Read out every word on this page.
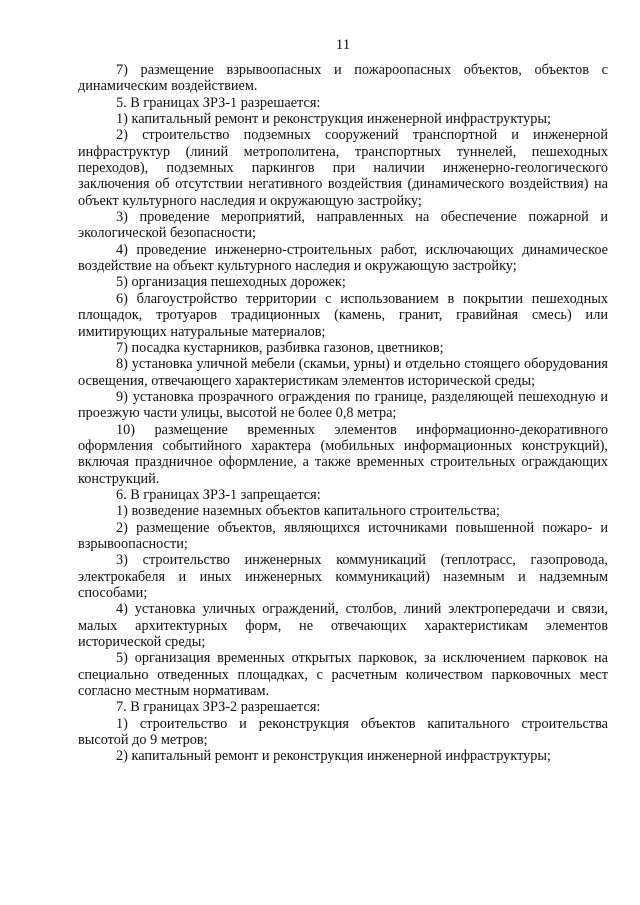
11

7) размещение взрывоопасных и пожароопасных объектов, объектов с динамическим воздействием.

5. В границах ЗРЗ-1 разрешается:

1) капитальный ремонт и реконструкция инженерной инфраструктуры;

2) строительство подземных сооружений транспортной и инженерной инфраструктур (линий метрополитена, транспортных туннелей, пешеходных переходов), подземных паркингов при наличии инженерно-геологического заключения об отсутствии негативного воздействия (динамического воздействия) на объект культурного наследия и окружающую застройку;

3) проведение мероприятий, направленных на обеспечение пожарной и экологической безопасности;

4) проведение инженерно-строительных работ, исключающих динамическое воздействие на объект культурного наследия и окружающую застройку;

5) организация пешеходных дорожек;

6) благоустройство территории с использованием в покрытии пешеходных площадок, тротуаров традиционных (камень, гранит, гравийная смесь) или имитирующих натуральные материалов;

7) посадка кустарников, разбивка газонов, цветников;

8) установка уличной мебели (скамьи, урны) и отдельно стоящего оборудования освещения, отвечающего характеристикам элементов исторической среды;

9) установка прозрачного ограждения по границе, разделяющей пешеходную и проезжую части улицы, высотой не более 0,8 метра;

10) размещение временных элементов информационно-декоративного оформления событийного характера (мобильных информационных конструкций), включая праздничное оформление, а также временных строительных ограждающих конструкций.

6. В границах ЗРЗ-1 запрещается:

1) возведение наземных объектов капитального строительства;

2) размещение объектов, являющихся источниками повышенной пожаро- и взрывоопасности;

3) строительство инженерных коммуникаций (теплотрасс, газопровода, электрокабеля и иных инженерных коммуникаций) наземным и надземным способами;

4) установка уличных ограждений, столбов, линий электропередачи и связи, малых архитектурных форм, не отвечающих характеристикам элементов исторической среды;

5) организация временных открытых парковок, за исключением парковок на специально отведенных площадках, с расчетным количеством парковочных мест согласно местным нормативам.

7. В границах ЗРЗ-2 разрешается:

1) строительство и реконструкция объектов капитального строительства высотой до 9 метров;

2) капитальный ремонт и реконструкция инженерной инфраструктуры;
